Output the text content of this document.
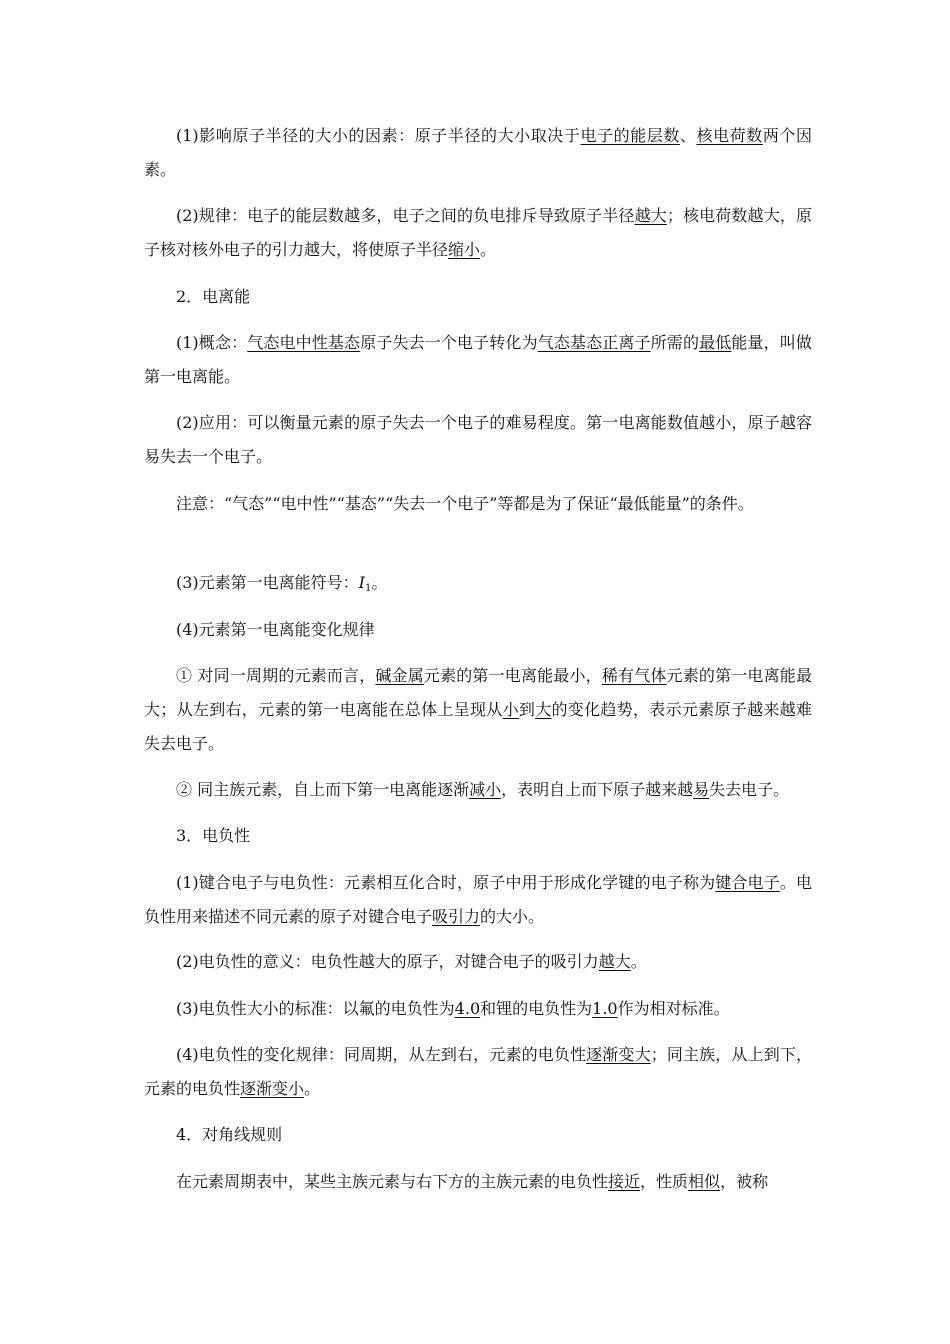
(1)影响原子半径的大小的因素：原子半径的大小取决于电子的能层数、核电荷数两个因素。

(2)规律：电子的能层数越多，电子之间的负电排斥导致原子半径越大；核电荷数越大，原子核对核外电子的引力越大，将使原子半径缩小。

2．电离能

(1)概念：气态电中性基态原子失去一个电子转化为气态基态正离子所需的最低能量，叫做第一电离能。

(2)应用：可以衡量元素的原子失去一个电子的难易程度。第一电离能数值越小，原子越容易失去一个电子。

注意：“气态”“电中性”“基态”“失去一个电子”等都是为了保证“最低能量”的条件。

(3)元素第一电离能符号：$I_1$。

(4)元素第一电离能变化规律

① 对同一周期的元素而言，碱金属元素的第一电离能最小，稀有气体元素的第一电离能最大；从左到右，元素的第一电离能在总体上呈现从小到大的变化趋势，表示元素原子越来越难失去电子。

② 同主族元素，自上而下第一电离能逐渐减小，表明自上而下原子越来越易失去电子。

3．电负性

(1)键合电子与电负性：元素相互化合时，原子中用于形成化学键的电子称为键合电子。电负性用来描述不同元素的原子对键合电子吸引力的大小。

(2)电负性的意义：电负性越大的原子，对键合电子的吸引力越大。

(3)电负性大小的标准：以氟的电负性为4.0和锂的电负性为1.0作为相对标准。

(4)电负性的变化规律：同周期，从左到右，元素的电负性逐渐变大；同主族，从上到下，元素的电负性逐渐变小。

4．对角线规则

在元素周期表中，某些主族元素与右下方的主族元素的电负性接近，性质相似，被称
